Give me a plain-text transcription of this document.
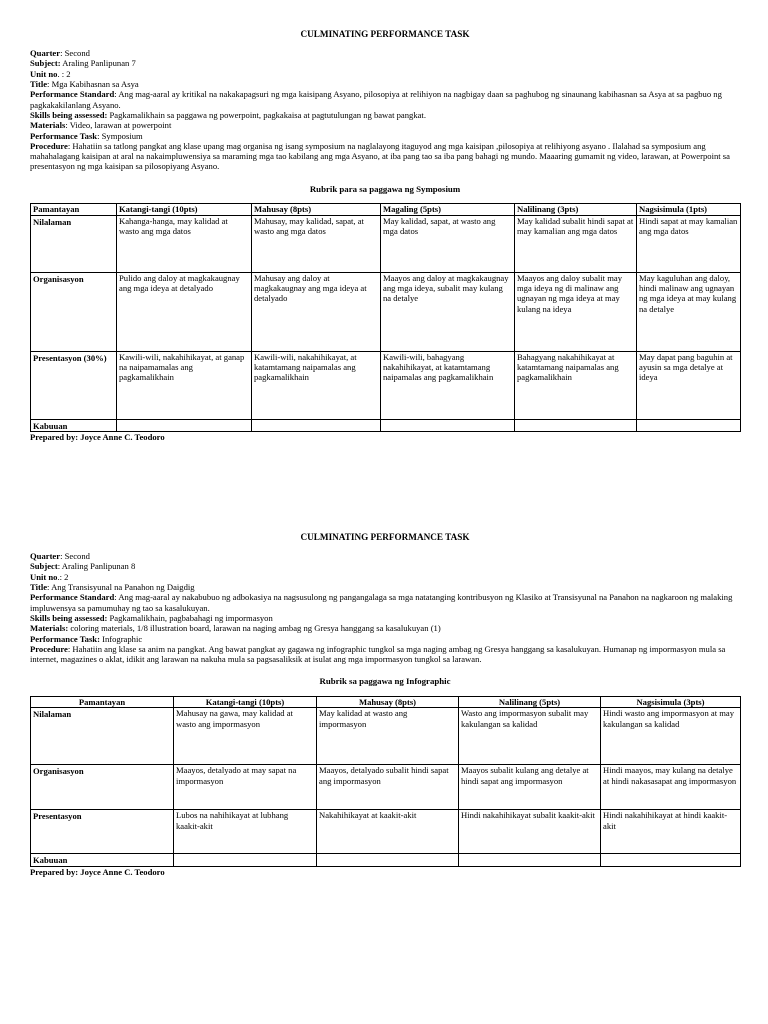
CULMINATING PERFORMANCE TASK

Quarter: Second

Subject: Araling Panlipunan 7

Unit no. : 2

Title: Mga Kabihasnan sa Asya

Performance Standard: Ang mag-aaral ay kritikal na nakakapagsuri ng mga kaisipang Asyano, pilosopiya at relihiyon na nagbigay daan sa paghubog ng sinaunang kabihasnan sa Asya at sa pagbuo ng pagkakakilanlang Asyano.

Skills being assessed: Pagkamalikhain sa paggawa ng powerpoint, pagkakaisa at pagtutulungan ng bawat pangkat.

Materials: Video, larawan at powerpoint

Performance Task: Symposium

Procedure: Hahatiin sa tatlong pangkat ang klase upang mag organisa ng isang symposium na naglalayong itaguyod ang mga kaisipan ,pilosopiya at relihiyong asyano . Ilalahad sa symposium ang mahahalagang kaisipan at aral na nakaimpluwensiya sa maraming mga tao kabilang ang mga Asyano, at iba pang tao sa iba pang bahagi ng mundo. Maaaring gumamit ng video, larawan, at Powerpoint sa presentasyon ng mga kaisipan sa pilosopiyang Asyano.

Rubrik para sa paggawa ng Symposium

Pamantayan	Katangi-tangi (10pts)	Mahusay (8pts)	Magaling (5pts)	Nalilinang (3pts)	Nagsisimula (1pts)
Nilalaman	Kahanga-hanga, may kalidad at wasto ang mga datos	Mahusay, may kalidad, sapat, at wasto ang mga datos	May kalidad, sapat, at wasto ang mga datos	May kalidad subalit hindi sapat at may kamalian ang mga datos	Hindi sapat at may kamalian ang mga datos
Organisasyon	Pulido ang daloy at magkakaugnay ang mga ideya at detalyado	Mahusay ang daloy at magkakaugnay ang mga ideya at detalyado	Maayos ang daloy at magkakaugnay ang mga ideya, subalit may kulang na detalye	Maayos ang daloy subalit may mga ideya ng di malinaw ang ugnayan ng mga ideya at may kulang na ideya	May kaguluhan ang daloy, hindi malinaw ang ugnayan ng mga ideya at may kulang na detalye
Presentasyon (30%)	Kawili-wili, nakahihikayat, at ganap na naipamamalas ang pagkamalikhain	Kawili-wili, nakahihikayat, at katamtamang naipamalas ang pagkamalikhain	Kawili-wili, bahagyang nakahihikayat, at katamtamang naipamalas ang pagkamalikhain	Bahagyang nakahihikayat at katamtamang naipamalas ang pagkamalikhain	May dapat pang baguhin at ayusin sa mga detalye at ideya
Kabuuan					

Prepared by: Joyce Anne C. Teodoro

CULMINATING PERFORMANCE TASK

Quarter: Second

Subject: Araling Panlipunan 8

Unit no.: 2

Title: Ang Transisyunal na Panahon ng Daigdig

Performance Standard: Ang mag-aaral ay nakabubuo ng adbokasiya na nagsusulong ng pangangalaga sa mga natatanging kontribusyon ng Klasiko at Transisyunal na Panahon na nagkaroon ng malaking impluwensya sa pamumuhay ng tao sa kasalukuyan.

Skills being assessed: Pagkamalikhain, pagbabahagi ng impormasyon

Materials: coloring materials, 1/8 illustration board, larawan na naging ambag ng Gresya hanggang sa kasalukuyan (1)

Performance Task: Infographic

Procedure: Hahatiin ang klase sa anim na pangkat. Ang bawat pangkat ay gagawa ng infographic tungkol sa mga naging ambag ng Gresya hanggang sa kasalukuyan. Humanap ng impormasyon mula sa internet, magazines o aklat, idikit ang larawan na nakuha mula sa pagsasaliksik at isulat ang mga impormasyon tungkol sa larawan.

Rubrik sa paggawa ng Infographic

Pamantayan	Katangi-tangi (10pts)	Mahusay (8pts)	Nalilinang (5pts)	Nagsisimula (3pts)
Nilalaman	Mahusay na gawa, may kalidad at wasto ang impormasyon	May kalidad at wasto ang impormasyon	Wasto ang impormasyon subalit may kakulangan sa kalidad	Hindi wasto ang impormasyon at may kakulangan sa kalidad
Organisasyon	Maayos, detalyado at may sapat na impormasyon	Maayos, detalyado subalit hindi sapat ang impormasyon	Maayos subalit kulang ang detalye at hindi sapat ang impormasyon	Hindi maayos, may kulang na detalye at hindi nakasasapat ang impormasyon
Presentasyon	Lubos na nahihikayat at lubhang kaakit-akit	Nakahihikayat at kaakit-akit	Hindi nakahihikayat subalit kaakit-akit	Hindi nakahihikayat at hindi kaakit-akit
Kabuuan				

Prepared by: Joyce Anne C. Teodoro
